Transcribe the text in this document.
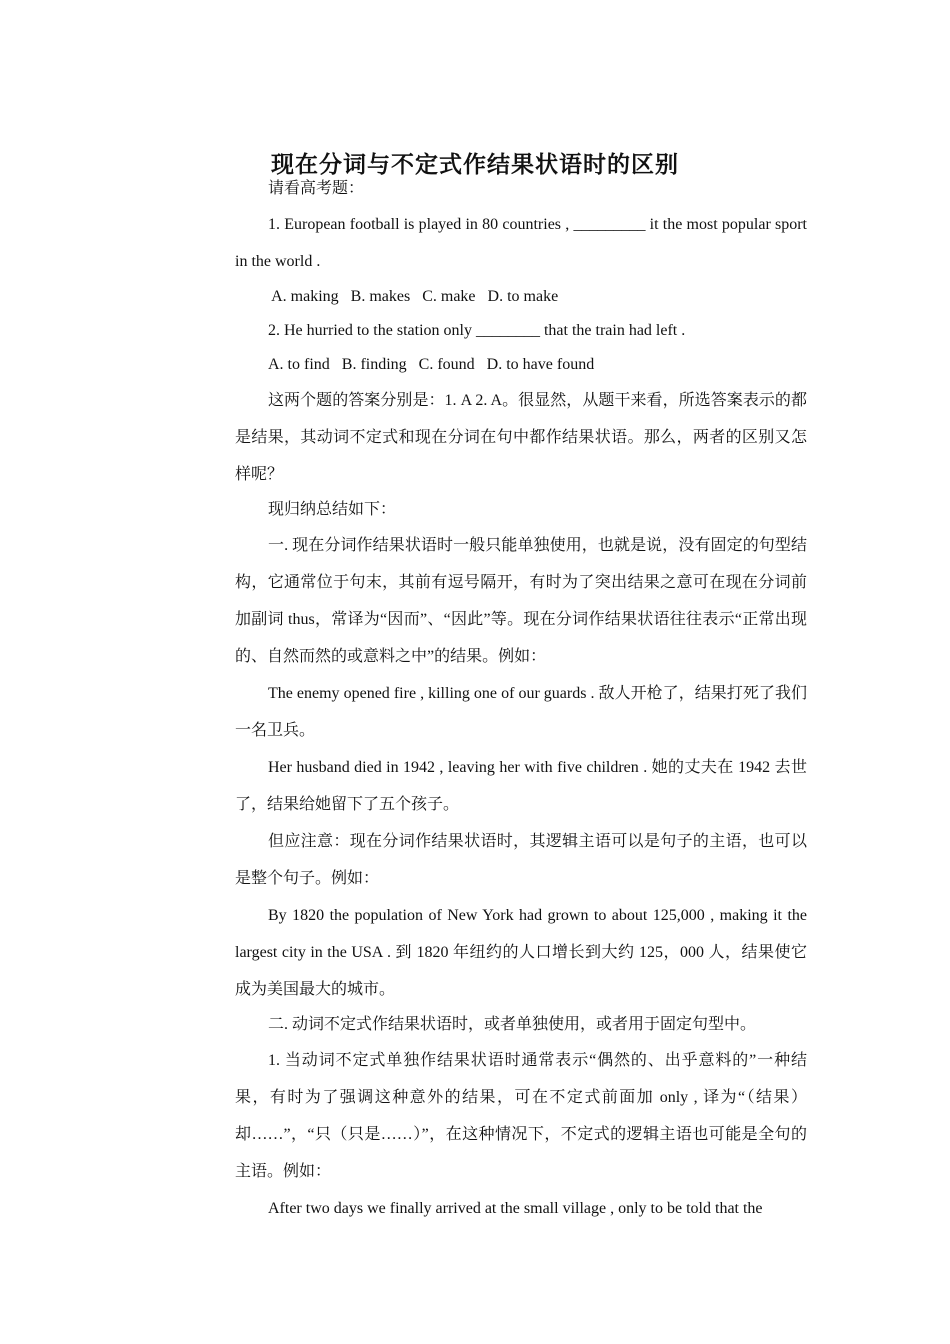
现在分词与不定式作结果状语时的区别

请看高考题：

1. European football is played in 80 countries , _________ it the most popular sport in the world .

A. making   B. makes   C. make   D. to make

2. He hurried to the station only ________ that the train had left .

A. to find   B. finding   C. found   D. to have found

这两个题的答案分别是：1. A 2. A。很显然，从题干来看，所选答案表示的都是结果，其动词不定式和现在分词在句中都作结果状语。那么，两者的区别又怎样呢？

现归纳总结如下：

一. 现在分词作结果状语时一般只能单独使用，也就是说，没有固定的句型结构，它通常位于句末，其前有逗号隔开，有时为了突出结果之意可在现在分词前加副词 thus，常译为“因而”、“因此”等。现在分词作结果状语往往表示“正常出现的、自然而然的或意料之中”的结果。例如：

The enemy opened fire , killing one of our guards . 敌人开枪了，结果打死了我们一名卫兵。

Her husband died in 1942 , leaving her with five children . 她的丈夫在 1942 去世了，结果给她留下了五个孩子。

但应注意：现在分词作结果状语时，其逻辑主语可以是句子的主语，也可以是整个句子。例如：

By 1820 the population of New York had grown to about 125,000 , making it the largest city in the USA . 到 1820 年纽约的人口增长到大约 125，000 人，结果使它成为美国最大的城市。

二. 动词不定式作结果状语时，或者单独使用，或者用于固定句型中。

1. 当动词不定式单独作结果状语时通常表示“偶然的、出乎意料的”一种结果，有时为了强调这种意外的结果，可在不定式前面加 only , 译为“（结果）却……”，“只（只是……）”，在这种情况下，不定式的逻辑主语也可能是全句的主语。例如：

After two days we finally arrived at the small village , only to be told that the
